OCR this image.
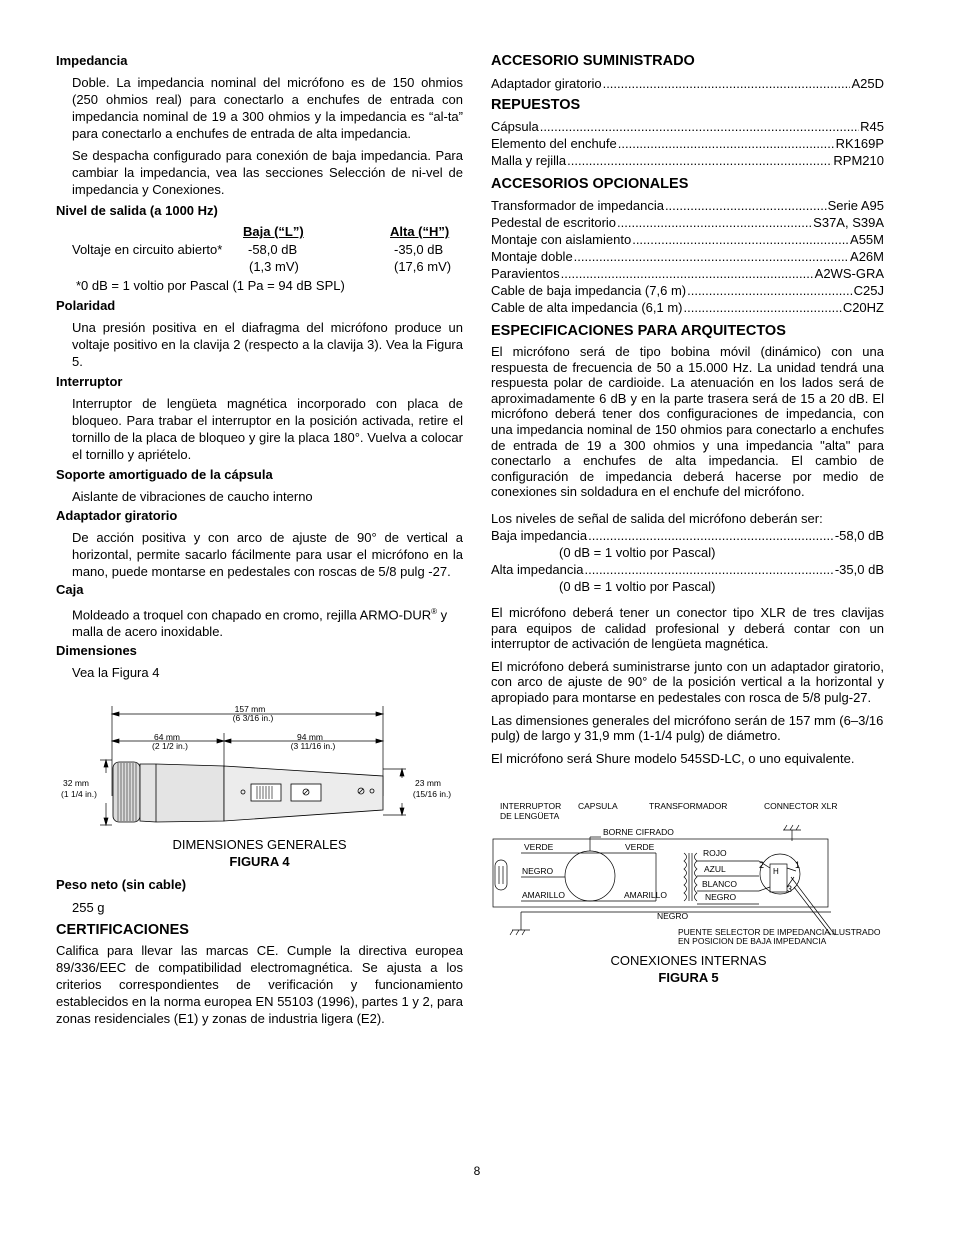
Impedancia

Doble. La impedancia nominal del micrófono es de 150 ohmios (250 ohmios real) para conectarlo a enchufes de entrada con impedancia nominal de 19 a 300 ohmios y la impedancia es “al-ta” para conectarlo a enchufes de entrada de alta impedancia.

Se despacha configurado para conexión de baja impedancia. Para cambiar la impedancia, vea las secciones Selección de ni-vel de impedancia y Conexiones.

Nivel de salida (a 1000 Hz)

Baja (“L”)	Alta (“H”)
Voltaje en circuito abierto* -58,0 dB	-35,0 dB
(1,3 mV)	(17,6 mV)

*0 dB = 1 voltio por Pascal (1 Pa = 94 dB SPL)

Polaridad

Una presión positiva en el diafragma del micrófono produce un voltaje positivo en la clavija 2 (respecto a la clavija 3). Vea la Figura 5.

Interruptor

Interruptor de lengüeta magnética incorporado con placa de bloqueo. Para trabar el interruptor en la posición activada, retire el tornillo de la placa de bloqueo y gire la placa 180°. Vuelva a colocar el tornillo y apriételo.

Soporte amortiguado de la cápsula

Aislante de vibraciones de caucho interno

Adaptador giratorio

De acción positiva y con arco de ajuste de 90° de vertical a horizontal, permite sacarlo fácilmente para usar el micrófono en la mano, puede montarse en pedestales con roscas de 5/8 pulg -27.

Caja

Moldeado a troquel con chapado en cromo, rejilla ARMO-DUR® y malla de acero inoxidable.

Dimensiones

Vea la Figura 4

157 mm
(6 3/16 in.)
64 mm
(2 1/2 in.)
94 mm
(3 11/16 in.)
32 mm
(1 1/4 in.)
23 mm
(15/16 in.)
DIMENSIONES GENERALES
FIGURA 4

Peso neto (sin cable)

255 g

CERTIFICACIONES

Califica para llevar las marcas CE. Cumple la directiva europea 89/336/EEC de compatibilidad electromagnética. Se ajusta a los criterios correspondientes de verificación y funcionamiento establecidos en la norma europea EN 55103 (1996), partes 1 y 2, para zonas residenciales (E1) y zonas de industria ligera (E2).

ACCESORIO SUMINISTRADO

Adaptador giratorio .....	A25D

REPUESTOS

Cápsula .....	R45
Elemento del enchufe .....	RK169P
Malla y rejilla .....	RPM210

ACCESORIOS OPCIONALES

Transformador de impedancia .....	Serie A95
Pedestal de escritorio .....	S37A, S39A
Montaje con aislamiento .....	A55M
Montaje doble .....	A26M
Paravientos .....	A2WS-GRA
Cable de baja impedancia (7,6 m) .....	C25J
Cable de alta impedancia (6,1 m) .....	C20HZ

ESPECIFICACIONES PARA ARQUITECTOS

El micrófono será de tipo bobina móvil (dinámico) con una respuesta de frecuencia de 50 a 15.000 Hz. La unidad tendrá una respuesta polar de cardioide. La atenuación en los lados será de aproximadamente 6 dB y en la parte trasera será de 15 a 20 dB. El micrófono deberá tener dos configuraciones de impedancia, con una impedancia nominal de 150 ohmios para conectarlo a enchufes de entrada de 19 a 300 ohmios y una impedancia "alta" para conectarlo a enchufes de alta impedancia. El cambio de configuración de impedancia deberá hacerse por medio de conexiones sin soldadura en el enchufe del micrófono.

Los niveles de señal de salida del micrófono deberán ser:

Baja impedancia .....	-58,0 dB

(0 dB = 1 voltio por Pascal)

Alta impedancia .....	-35,0 dB

(0 dB = 1 voltio por Pascal)

El micrófono deberá tener un conector tipo XLR de tres clavijas para equipos de calidad profesional y deberá contar con un interruptor de activación de lengüeta magnética.

El micrófono deberá suministrarse junto con un adaptador giratorio, con arco de ajuste de 90° de la posición vertical a la horizontal y apropiado para montarse en pedestales con rosca de 5/8 pulg-27.

Las dimensiones generales del micrófono serán de 157 mm (6–3/16 pulg) de largo y 31,9 mm (1-1/4 pulg) de diámetro.

El micrófono será Shure modelo 545SD-LC, o uno equivalente.

INTERRUPTOR
DE LENGÜETA
CAPSULA	TRANSFORMADOR	CONNECTOR XLR
BORNE CIFRADO
VERDE	VERDE
NEGRO
AMARILLO	AMARILLO
ROJO
AZUL
BLANCO
NEGRO
NEGRO
PUENTE SELECTOR DE IMPEDANCIA ILUSTRADO
EN POSICION DE BAJA IMPEDANCIA
2	1
3
H
CONEXIONES INTERNAS
FIGURA 5
8
